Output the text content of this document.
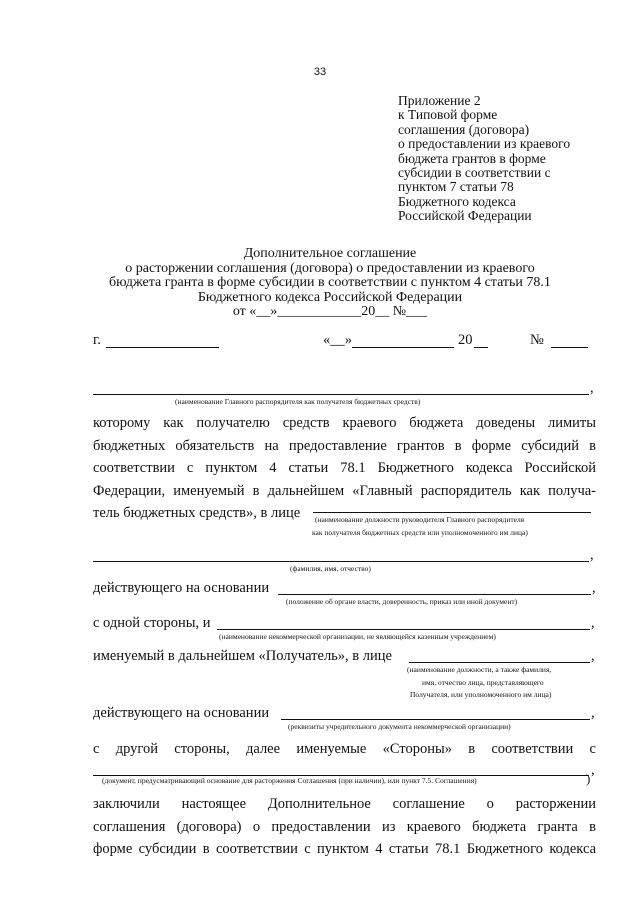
33
Приложение 2
к Типовой форме
соглашения (договора)
о предоставлении из краевого
бюджета грантов в форме
субсидии в соответствии с
пунктом 7 статьи 78
Бюджетного кодекса
Российской Федерации
Дополнительное соглашение
о расторжении соглашения (договора) о предоставлении из краевого
бюджета гранта в форме субсидии в соответствии с пунктом 4 статьи 78.1
Бюджетного кодекса Российской Федерации
от «__»____________20__ №___
г.	«__»	20	№
,
(наименование Главного распорядителя как получателя бюджетных средств)
которому как получателю средств краевого бюджета доведены лимиты
бюджетных обязательств на предоставление грантов в форме субсидий в
соответствии с пунктом 4 статьи 78.1 Бюджетного кодекса Российской
Федерации, именуемый в дальнейшем «Главный распорядитель как получа-
тель бюджетных средств», в лице	(наименование должности руководителя Главного распорядителя
как получателя бюджетных средств или уполномоченного им лица)
,
(фамилия, имя, отчество)
действующего на основании	,
(положение об органе власти, доверенность, приказ или иной документ)
с одной стороны, и	,
(наименование некоммерческой организации, не являющейся казенным учреждением)
именуемый в дальнейшем «Получатель», в лице	,
(наименование должности, а также фамилия,
имя, отчество лица, представляющего
Получателя, или уполномоченного им лица)
действующего на основании	,
(реквизиты учредительного документа некоммерческой организации)
с другой стороны, далее именуемые «Стороны» в соответствии с
,
(документ, предусматривающий основание для расторжения Соглашения (при наличии), или пункт 7.5. Соглашения)	)
заключили настоящее Дополнительное соглашение о расторжении
соглашения (договора) о предоставлении из краевого бюджета гранта в
форме субсидии в соответствии с пунктом 4 статьи 78.1 Бюджетного кодекса
